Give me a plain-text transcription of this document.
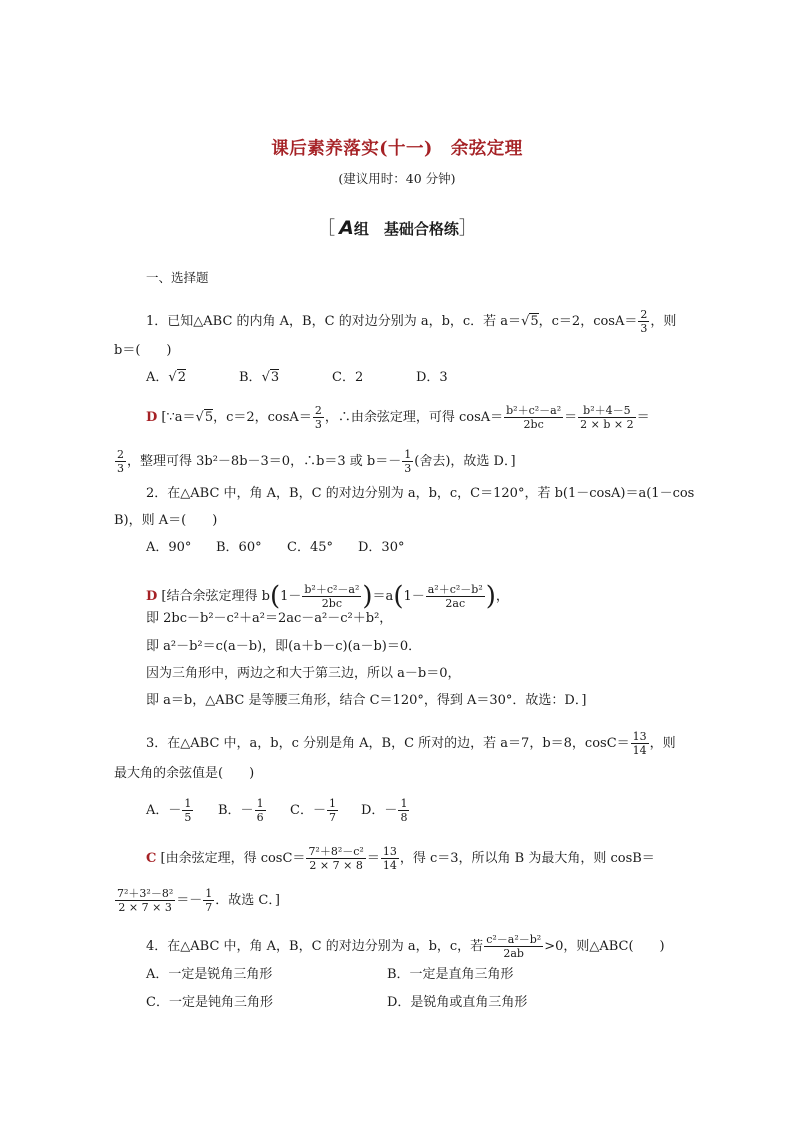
课后素养落实(十一)　余弦定理
(建议用时：40 分钟)
［ A组　基础合格练］
一、选择题
1．已知△ABC 的内角 A，B，C 的对边分别为 a，b，c．若 a＝√5，c＝2，$\cos A= \frac{2}{3}$ ，则
b＝(　　)
A．√2	B．√3	C．2	D．3
D [∵a＝√5，c＝2，$\cos A= \frac{2}{3}$ ，∴由余弦定理，可得 $\cos A= \frac{\text{b²＋c²－a²}}{2bc} = \frac{\text{b²＋4－5}}{2 \times b \times 2}$ ＝
$\frac{2}{3}$ ，整理可得 3b²－8b－3＝0，∴b＝3 或 $b=- \frac{1}{3}$ (舍去)，故选 D．]
2．在△ABC 中，角 A，B，C 的对边分别为 a，b，c，C＝120°，若 b(1－cosA)＝a(1－cos
B)，则 A＝(　　)
A．90° B．60° C．45° D．30°
D [结合余弦定理得 $b(1- \frac{\text{b²＋c²－a²}}{2bc} )=a(1- \frac{\text{a²＋c²－b²}}{2ac}$ )，
即 2bc－b²－c²＋a²＝2ac－a²－c²＋b²，
即 a²－b²＝c(a－b)，即(a＋b－c)(a－b)＝0．
因为三角形中，两边之和大于第三边，所以 a－b＝0，
即 a＝b，△ABC 是等腰三角形，结合 C＝120°，得到 A＝30°．故选：D．]
3．在△ABC 中，a，b，c 分别是角 A，B，C 所对的边，若 a＝7，b＝8，$\cos C= \frac{13}{14}$ ，则
最大角的余弦值是(　　)
A．－ $\frac{1}{5}$ B．－ $\frac{1}{6}$ C．－ $\frac{1}{7}$ D．－ $\frac{1}{8}$
C [由余弦定理，得 $\cos C= \frac{\text{7²＋8²－c²}}{2 \times 7 \times 8} = \frac{13}{14}$ ，得 c＝3，所以角 B 为最大角，则 cosB＝
$\frac{\text{7²＋3²－8²}}{2 \times 7 \times 3} =- \frac{1}{7}$ ．故选 C．]
4．在△ABC 中，角 A，B，C 的对边分别为 a，b，c，若 $\frac{\text{c²－a²－b²}}{2ab} >0$，则△ABC(　　)
A．一定是锐角三角形	B．一定是直角三角形
C．一定是钝角三角形	D．是锐角或直角三角形
